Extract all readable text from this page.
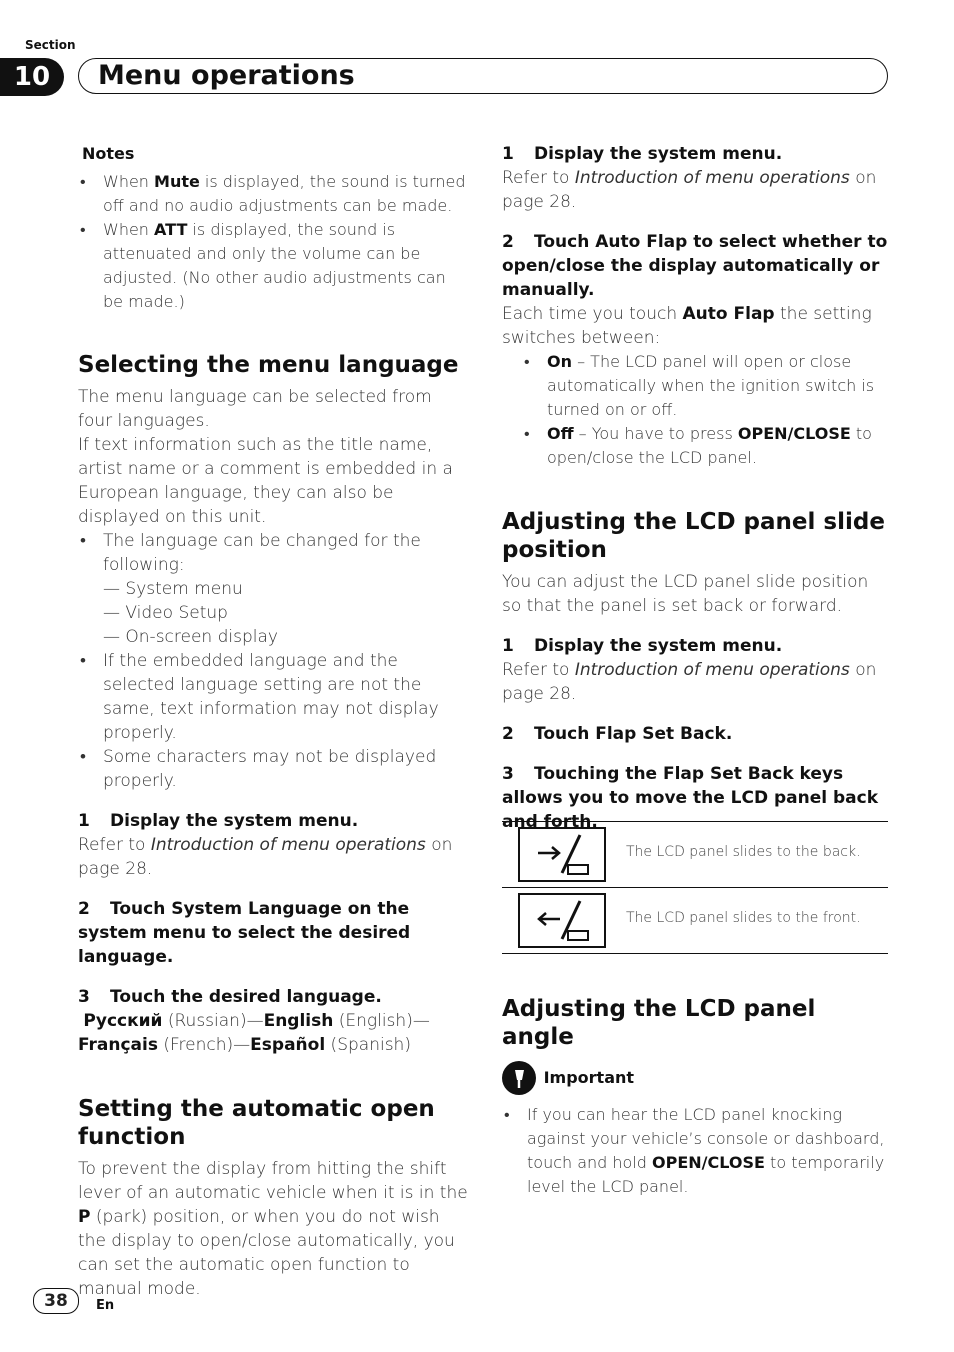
Section
10	Menu operations
Notes
• When Mute is displayed, the sound is turned off and no audio adjustments can be made.
• When ATT is displayed, the sound is attenuated and only the volume can be adjusted. (No other audio adjustments can be made.)
Selecting the menu language

The menu language can be selected from four languages.

If text information such as the title name, artist name or a comment is embedded in a European language, they can also be displayed on this unit.

• The language can be changed for the following:
— System menu
— Video Setup
— On-screen display
• If the embedded language and the selected language setting are not the same, text information may not display properly.
• Some characters may not be displayed properly.

1 Display the system menu.

Refer to Introduction of menu operations on page 28.

2 Touch System Language on the system menu to select the desired language.

3 Touch the desired language.

Русский (Russian)—English (English)—Français (French)—Español (Spanish)

Setting the automatic open function

To prevent the display from hitting the shift lever of an automatic vehicle when it is in the P (park) position, or when you do not wish the display to open/close automatically, you can set the automatic open function to manual mode.

1 Display the system menu.

Refer to Introduction of menu operations on page 28.

2 Touch Auto Flap to select whether to open/close the display automatically or manually.

Each time you touch Auto Flap the setting switches between:

• On – The LCD panel will open or close automatically when the ignition switch is turned on or off.
• Off – You have to press OPEN/CLOSE to open/close the LCD panel.
Adjusting the LCD panel slide position

You can adjust the LCD panel slide position so that the panel is set back or forward.

1 Display the system menu.

Refer to Introduction of menu operations on page 28.

2 Touch Flap Set Back.

3 Touching the Flap Set Back keys allows you to move the LCD panel back and forth.

The LCD panel slides to the back.
The LCD panel slides to the front.
Adjusting the LCD panel angle
Important
• If you can hear the LCD panel knocking against your vehicle’s console or dashboard, touch and hold OPEN/CLOSE to temporarily level the LCD panel.
38	En
